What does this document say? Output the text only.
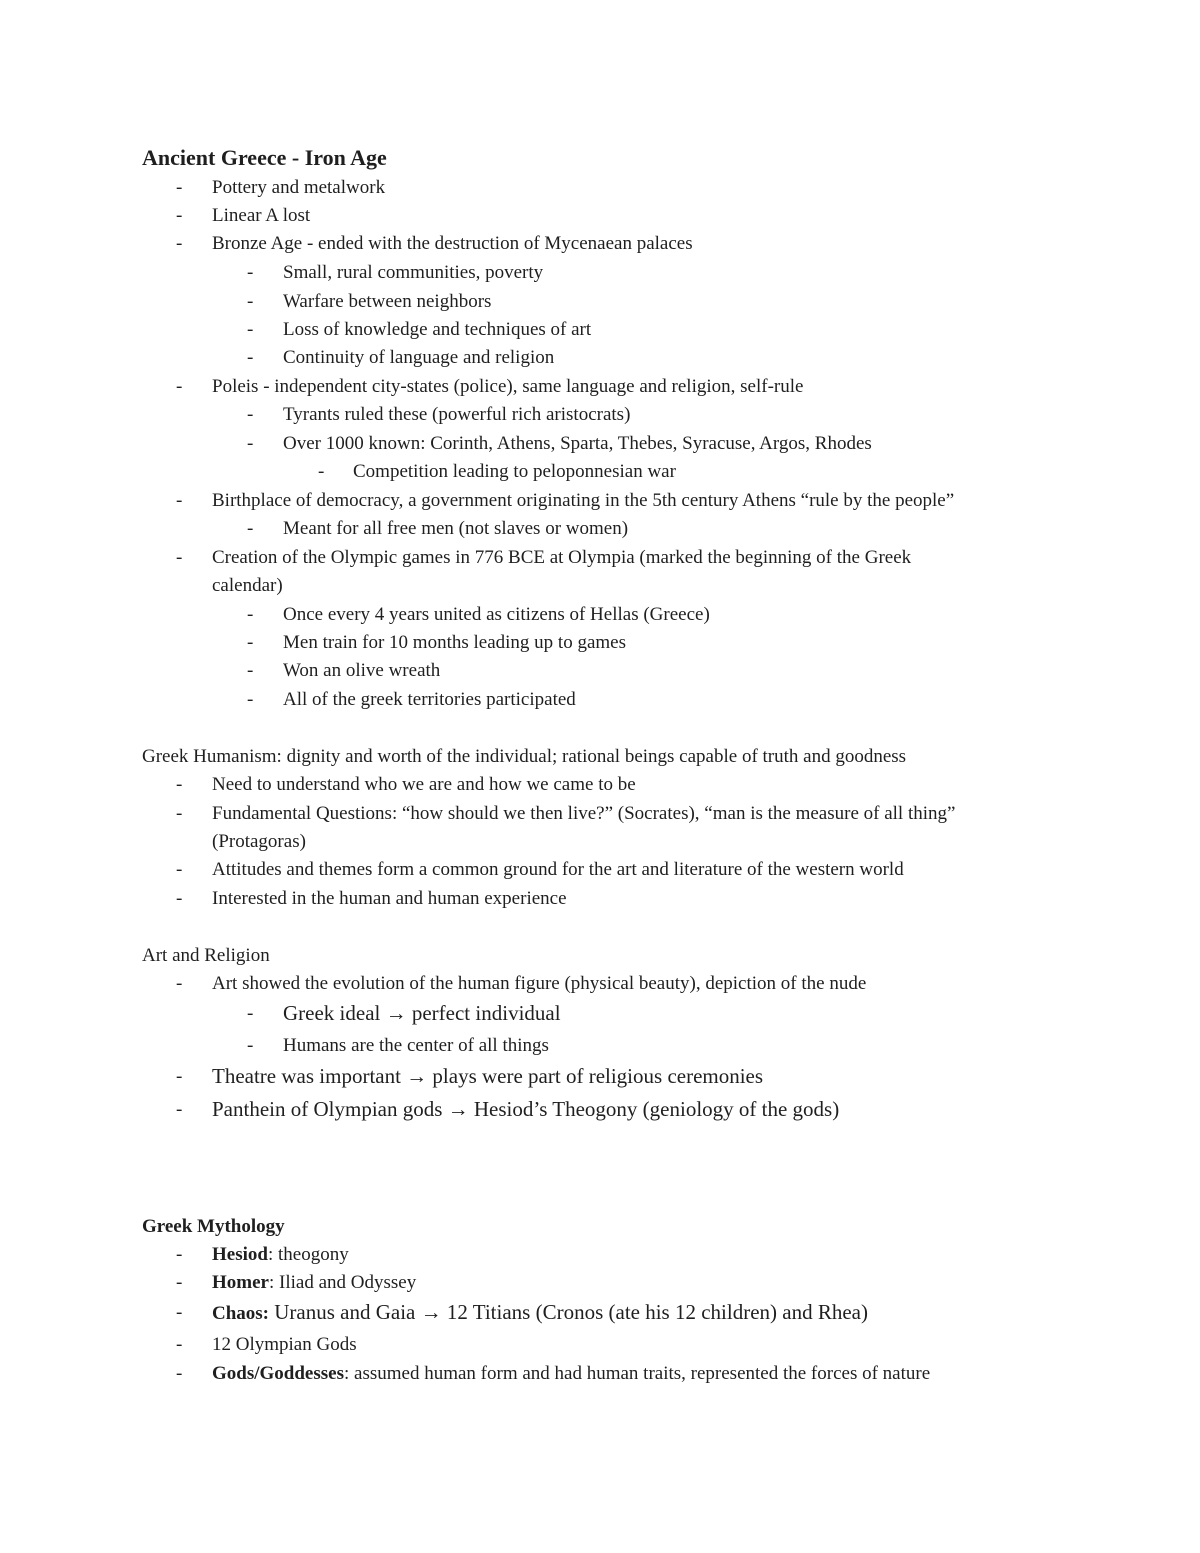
Ancient Greece - Iron Age
- Pottery and metalwork
- Linear A lost
- Bronze Age - ended with the destruction of Mycenaean palaces
- Small, rural communities, poverty
- Warfare between neighbors
- Loss of knowledge and techniques of art
- Continuity of language and religion
- Poleis - independent city-states (police), same language and religion, self-rule
- Tyrants ruled these (powerful rich aristocrats)
- Over 1000 known: Corinth, Athens, Sparta, Thebes, Syracuse, Argos, Rhodes
- Competition leading to peloponnesian war
- Birthplace of democracy, a government originating in the 5th century Athens “rule by the people”
- Meant for all free men (not slaves or women)
- Creation of the Olympic games in 776 BCE at Olympia (marked the beginning of the Greek
calendar)
- Once every 4 years united as citizens of Hellas (Greece)
- Men train for 10 months leading up to games
- Won an olive wreath
- All of the greek territories participated
Greek Humanism: dignity and worth of the individual; rational beings capable of truth and goodness
- Need to understand who we are and how we came to be
- Fundamental Questions: “how should we then live?” (Socrates), “man is the measure of all thing”
(Protagoras)
- Attitudes and themes form a common ground for the art and literature of the western world
- Interested in the human and human experience
Art and Religion
- Art showed the evolution of the human figure (physical beauty), depiction of the nude
- Greek ideal → perfect individual
- Humans are the center of all things
- Theatre was important → plays were part of religious ceremonies
- Panthein of Olympian gods → Hesiod’s Theogony (geniology of the gods)
Greek Mythology
- Hesiod: theogony
- Homer: Iliad and Odyssey
- Chaos: Uranus and Gaia → 12 Titians (Cronos (ate his 12 children) and Rhea)
- 12 Olympian Gods
- Gods/Goddesses: assumed human form and had human traits, represented the forces of nature
